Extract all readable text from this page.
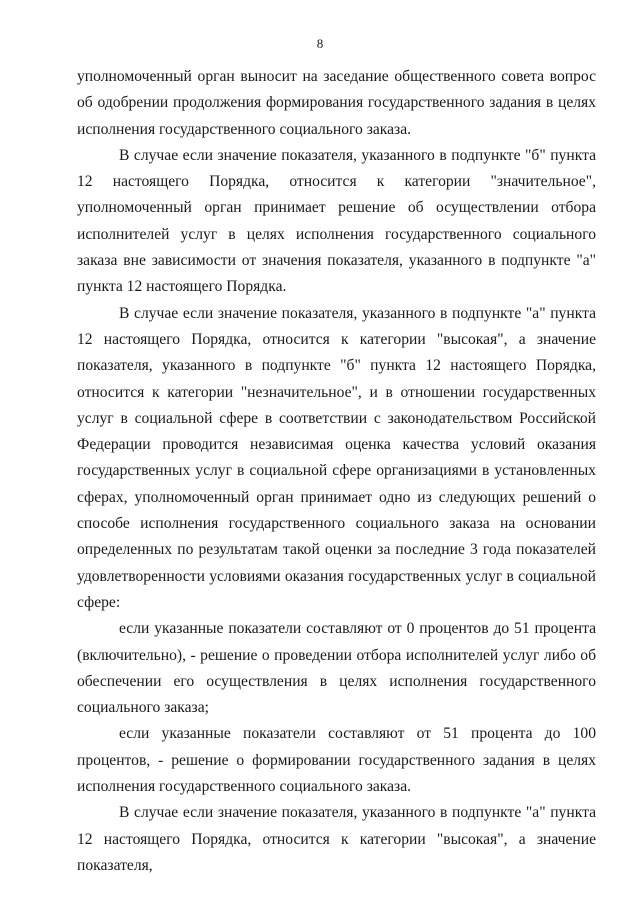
8

уполномоченный орган выносит на заседание общественного совета вопрос об одобрении продолжения формирования государственного задания в целях исполнения государственного социального заказа.

В случае если значение показателя, указанного в подпункте "б" пункта 12 настоящего Порядка, относится к категории "значительное", уполномоченный орган принимает решение об осуществлении отбора исполнителей услуг в целях исполнения государственного социального заказа вне зависимости от значения показателя, указанного в подпункте "а" пункта 12 настоящего Порядка.

В случае если значение показателя, указанного в подпункте "а" пункта 12 настоящего Порядка, относится к категории "высокая", а значение показателя, указанного в подпункте "б" пункта 12 настоящего Порядка, относится к категории "незначительное", и в отношении государственных услуг в социальной сфере в соответствии с законодательством Российской Федерации проводится независимая оценка качества условий оказания государственных услуг в социальной сфере организациями в установленных сферах, уполномоченный орган принимает одно из следующих решений о способе исполнения государственного социального заказа на основании определенных по результатам такой оценки за последние 3 года показателей удовлетворенности условиями оказания государственных услуг в социальной сфере:

если указанные показатели составляют от 0 процентов до 51 процента (включительно), - решение о проведении отбора исполнителей услуг либо об обеспечении его осуществления в целях исполнения государственного социального заказа;

если указанные показатели составляют от 51 процента до 100 процентов, - решение о формировании государственного задания в целях исполнения государственного социального заказа.

В случае если значение показателя, указанного в подпункте "а" пункта 12 настоящего Порядка, относится к категории "высокая", а значение показателя,
